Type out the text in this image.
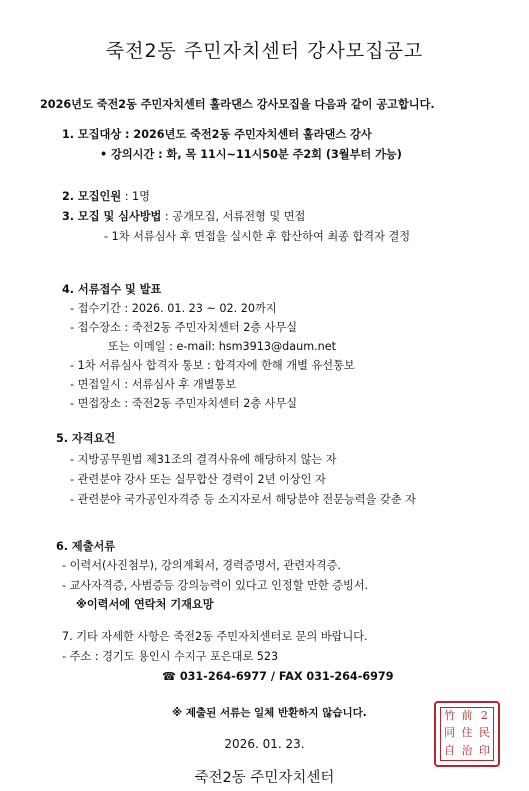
죽전2동 주민자치센터 강사모집공고
2026년도 죽전2동 주민자치센터 훌라댄스 강사모집을 다음과 같이 공고합니다.
1. 모집대상 : 2026년도 죽전2동 주민자치센터 훌라댄스 강사
• 강의시간 : 화, 목 11시~11시50분 주2회 (3월부터 가능)
2. 모집인원 : 1명
3. 모집 및 심사방법 : 공개모집, 서류전형 및 면접
- 1차 서류심사 후 면접을 실시한 후 합산하여 최종 합격자 결정
4. 서류접수 및 발표
- 접수기간 : 2026. 01. 23 ~ 02. 20까지
- 접수장소 : 죽전2동 주민자치센터 2층 사무실
또는 이메일 : e-mail: hsm3913@daum.net
- 1차 서류심사 합격자 통보 : 합격자에 한해 개별 유선통보
- 면접일시 : 서류심사 후 개별통보
- 면접장소 : 죽전2동 주민자치센터 2층 사무실
5. 자격요건
- 지방공무원법 제31조의 결격사유에 해당하지 않는 자
- 관련분야 강사 또는 실무합산 경력이 2년 이상인 자
- 관련분야 국가공인자격증 등 소지자로서 해당분야 전문능력을 갖춘 자
6. 제출서류
- 이력서(사진첨부), 강의계획서, 경력증명서, 관련자격증.
- 교사자격증, 사범증등 강의능력이 있다고 인정할 만한 증빙서.
※이력서에 연락처 기재요망
7. 기타 자세한 사항은 죽전2동 주민자치센터로 문의 바랍니다.
- 주소 : 경기도 용인시 수지구 포은대로 523
☎ 031-264-6977 / FAX 031-264-6979
※ 제출된 서류는 일체 반환하지 않습니다.	竹 前 2
同 住 民
自 治 印
2026. 01. 23.
죽전2동 주민자치센터
